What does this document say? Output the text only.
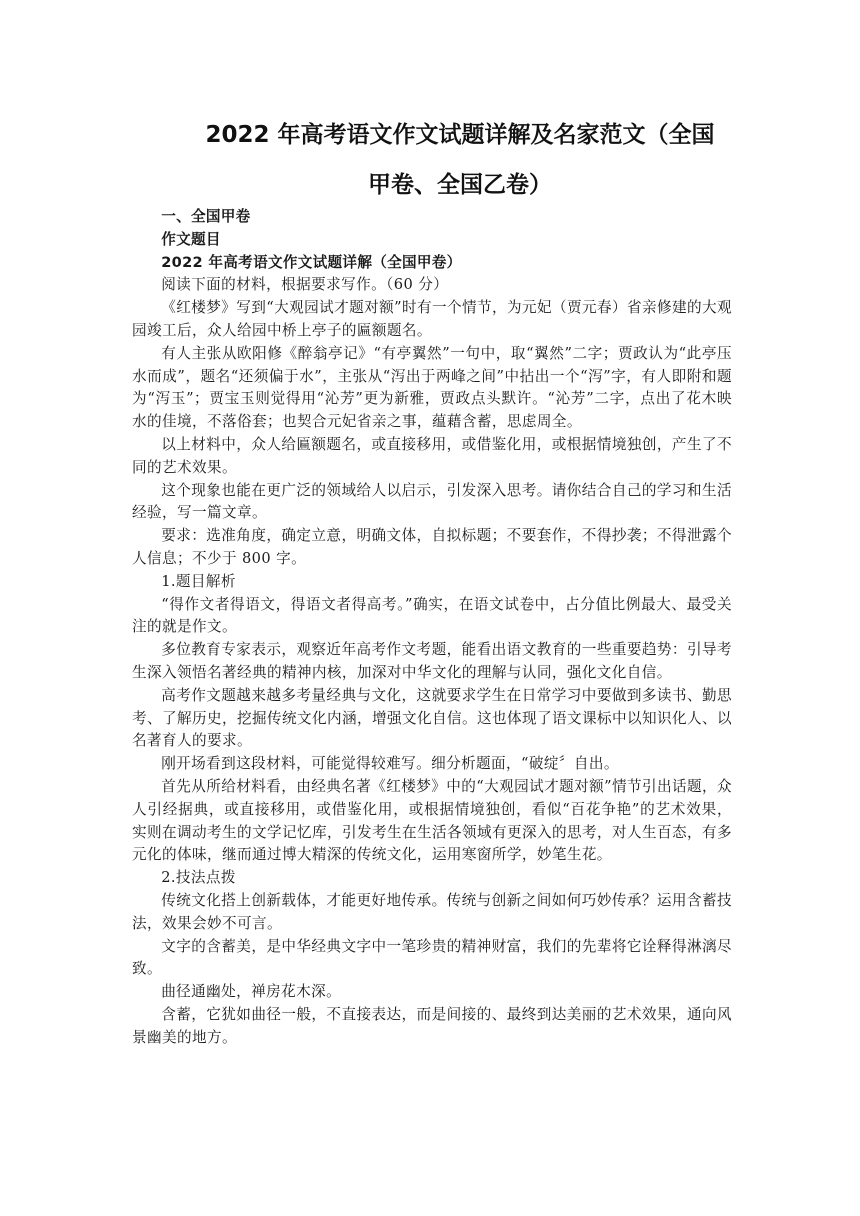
2022 年高考语文作文试题详解及名家范文（全国
甲卷、全国乙卷）

一、全国甲卷

作文题目

2022 年高考语文作文试题详解（全国甲卷）

阅读下面的材料，根据要求写作。（60 分）

《红楼梦》写到“大观园试才题对额”时有一个情节，为元妃（贾元春）省亲修建的大观园竣工后，众人给园中桥上亭子的匾额题名。

有人主张从欧阳修《醉翁亭记》“有亭翼然”一句中，取“翼然”二字；贾政认为“此亭压水而成”，题名“还须偏于水”，主张从“泻出于两峰之间”中拈出一个“泻”字，有人即附和题为“泻玉”；贾宝玉则觉得用“沁芳”更为新雅，贾政点头默许。“沁芳”二字，点出了花木映水的佳境，不落俗套；也契合元妃省亲之事，蕴藉含蓄，思虑周全。

以上材料中，众人给匾额题名，或直接移用，或借鉴化用，或根据情境独创，产生了不同的艺术效果。

这个现象也能在更广泛的领域给人以启示，引发深入思考。请你结合自己的学习和生活经验，写一篇文章。

要求：选准角度，确定立意，明确文体，自拟标题；不要套作，不得抄袭；不得泄露个人信息；不少于 800 字。

1.题目解析

“得作文者得语文，得语文者得高考。”确实，在语文试卷中，占分值比例最大、最受关注的就是作文。

多位教育专家表示，观察近年高考作文考题，能看出语文教育的一些重要趋势：引导考生深入领悟名著经典的精神内核，加深对中华文化的理解与认同，强化文化自信。

高考作文题越来越多考量经典与文化，这就要求学生在日常学习中要做到多读书、勤思考、了解历史，挖掘传统文化内涵，增强文化自信。这也体现了语文课标中以知识化人、以名著育人的要求。

刚开场看到这段材料，可能觉得较难写。细分析题面，“破绽〞自出。

首先从所给材料看，由经典名著《红楼梦》中的“大观园试才题对额”情节引出话题，众人引经据典，或直接移用，或借鉴化用，或根据情境独创，看似“百花争艳”的艺术效果，实则在调动考生的文学记忆库，引发考生在生活各领域有更深入的思考，对人生百态，有多元化的体味，继而通过博大精深的传统文化，运用寒窗所学，妙笔生花。

2.技法点拨

传统文化搭上创新载体，才能更好地传承。传统与创新之间如何巧妙传承？运用含蓄技法，效果会妙不可言。

文字的含蓄美，是中华经典文字中一笔珍贵的精神财富，我们的先辈将它诠释得淋漓尽致。

曲径通幽处，禅房花木深。

含蓄，它犹如曲径一般，不直接表达，而是间接的、最终到达美丽的艺术效果，通向风景幽美的地方。
